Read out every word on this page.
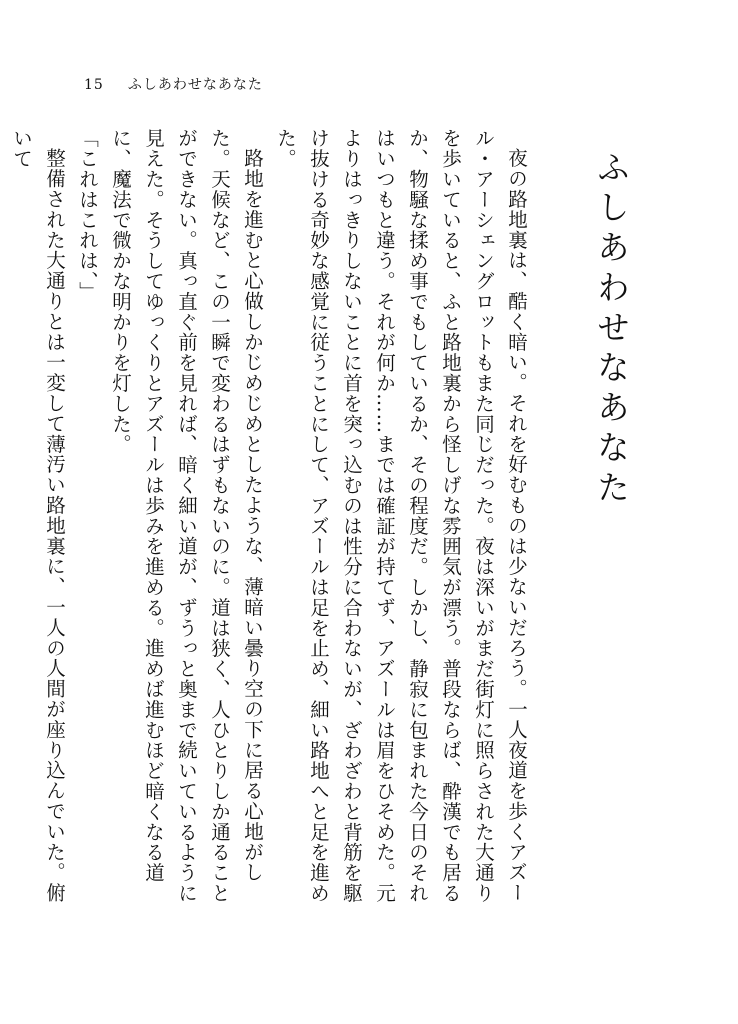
15 ふしあわせなあなた
ふしあわせなあなた

夜の路地裏は、酷く暗い。それを好むものは少ないだろう。一人夜道を歩くアズール・アーシェングロットもまた同じだった。夜は深いがまだ街灯に照らされた大通りを歩いていると、ふと路地裏から怪しげな雰囲気が漂う。普段ならば、酔漢でも居るか、物騒な揉め事でもしているか、その程度だ。しかし、静寂に包まれた今日のそれはいつもと違う。それが何か……までは確証が持てず、アズールは眉をひそめた。元よりはっきりしないことに首を突っ込むのは性分に合わないが、ざわざわと背筋を駆け抜ける奇妙な感覚に従うことにして、アズールは足を止め、細い路地へと足を進めた。

路地を進むと心做しかじめじめとしたような、薄暗い曇り空の下に居る心地がした。天候など、この一瞬で変わるはずもないのに。道は狭く、人ひとりしか通ることができない。真っ直ぐ前を見れば、暗く細い道が、ずうっと奥まで続いているように見えた。そうしてゆっくりとアズールは歩みを進める。進めば進むほど暗くなる道に、魔法で微かな明かりを灯した。

「これはこれは、」

整備された大通りとは一変して薄汚い路地裏に、一人の人間が座り込んでいた。俯いて
